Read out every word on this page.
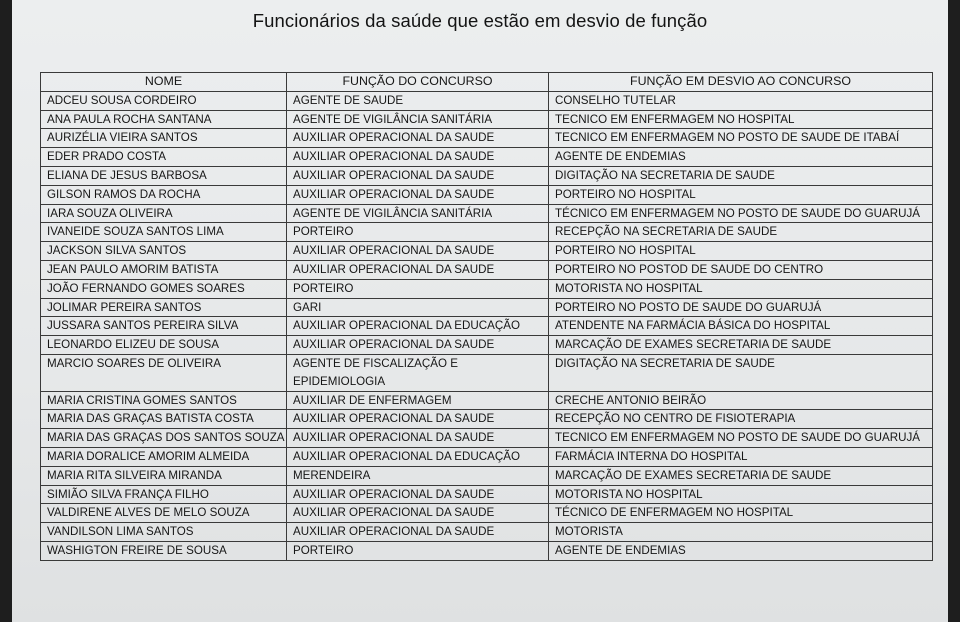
Funcionários da saúde que estão em desvio de função
NOME	FUNÇÃO DO CONCURSO	FUNÇÃO EM DESVIO AO CONCURSO
ADCEU SOUSA CORDEIRO	AGENTE DE SAUDE	CONSELHO TUTELAR
ANA PAULA ROCHA SANTANA	AGENTE DE VIGILÂNCIA SANITÁRIA	TECNICO EM ENFERMAGEM NO HOSPITAL
AURIZÉLIA VIEIRA SANTOS	AUXILIAR OPERACIONAL DA SAUDE	TECNICO EM ENFERMAGEM NO POSTO DE SAUDE DE ITABAÍ
EDER PRADO COSTA	AUXILIAR OPERACIONAL DA SAUDE	AGENTE DE ENDEMIAS
ELIANA DE JESUS BARBOSA	AUXILIAR OPERACIONAL DA SAUDE	DIGITAÇÃO NA SECRETARIA DE SAUDE
GILSON RAMOS DA ROCHA	AUXILIAR OPERACIONAL DA SAUDE	PORTEIRO NO HOSPITAL
IARA SOUZA OLIVEIRA	AGENTE DE VIGILÂNCIA SANITÁRIA	TÉCNICO EM ENFERMAGEM NO POSTO DE SAUDE DO GUARUJÁ
IVANEIDE SOUZA SANTOS LIMA	PORTEIRO	RECEPÇÃO NA SECRETARIA DE SAUDE
JACKSON SILVA SANTOS	AUXILIAR OPERACIONAL DA SAUDE	PORTEIRO NO HOSPITAL
JEAN PAULO AMORIM BATISTA	AUXILIAR OPERACIONAL DA SAUDE	PORTEIRO NO POSTOD DE SAUDE DO CENTRO
JOÃO FERNANDO GOMES SOARES	PORTEIRO	MOTORISTA NO HOSPITAL
JOLIMAR PEREIRA SANTOS	GARI	PORTEIRO NO POSTO DE SAUDE DO GUARUJÁ
JUSSARA SANTOS PEREIRA SILVA	AUXILIAR OPERACIONAL DA EDUCAÇÃO	ATENDENTE NA FARMÁCIA BÁSICA DO HOSPITAL
LEONARDO ELIZEU DE SOUSA	AUXILIAR OPERACIONAL DA SAUDE	MARCAÇÃO DE EXAMES SECRETARIA DE SAUDE
MARCIO SOARES DE OLIVEIRA	AGENTE DE FISCALIZAÇÃO E EPIDEMIOLOGIA	DIGITAÇÃO NA SECRETARIA DE SAUDE
MARIA CRISTINA GOMES SANTOS	AUXILIAR DE ENFERMAGEM	CRECHE ANTONIO BEIRÃO
MARIA DAS GRAÇAS BATISTA COSTA	AUXILIAR OPERACIONAL DA SAUDE	RECEPÇÃO NO CENTRO DE FISIOTERAPIA
MARIA DAS GRAÇAS DOS SANTOS SOUZA	AUXILIAR OPERACIONAL DA SAUDE	TECNICO EM ENFERMAGEM NO POSTO DE SAUDE DO GUARUJÁ
MARIA DORALICE AMORIM ALMEIDA	AUXILIAR OPERACIONAL DA EDUCAÇÃO	FARMÁCIA INTERNA DO HOSPITAL
MARIA RITA SILVEIRA MIRANDA	MERENDEIRA	MARCAÇÃO DE EXAMES SECRETARIA DE SAUDE
SIMIÃO SILVA FRANÇA FILHO	AUXILIAR OPERACIONAL DA SAUDE	MOTORISTA NO HOSPITAL
VALDIRENE ALVES DE MELO SOUZA	AUXILIAR OPERACIONAL DA SAUDE	TÉCNICO DE ENFERMAGEM NO HOSPITAL
VANDILSON LIMA SANTOS	AUXILIAR OPERACIONAL DA SAUDE	MOTORISTA
WASHIGTON FREIRE DE SOUSA	PORTEIRO	AGENTE DE ENDEMIAS
